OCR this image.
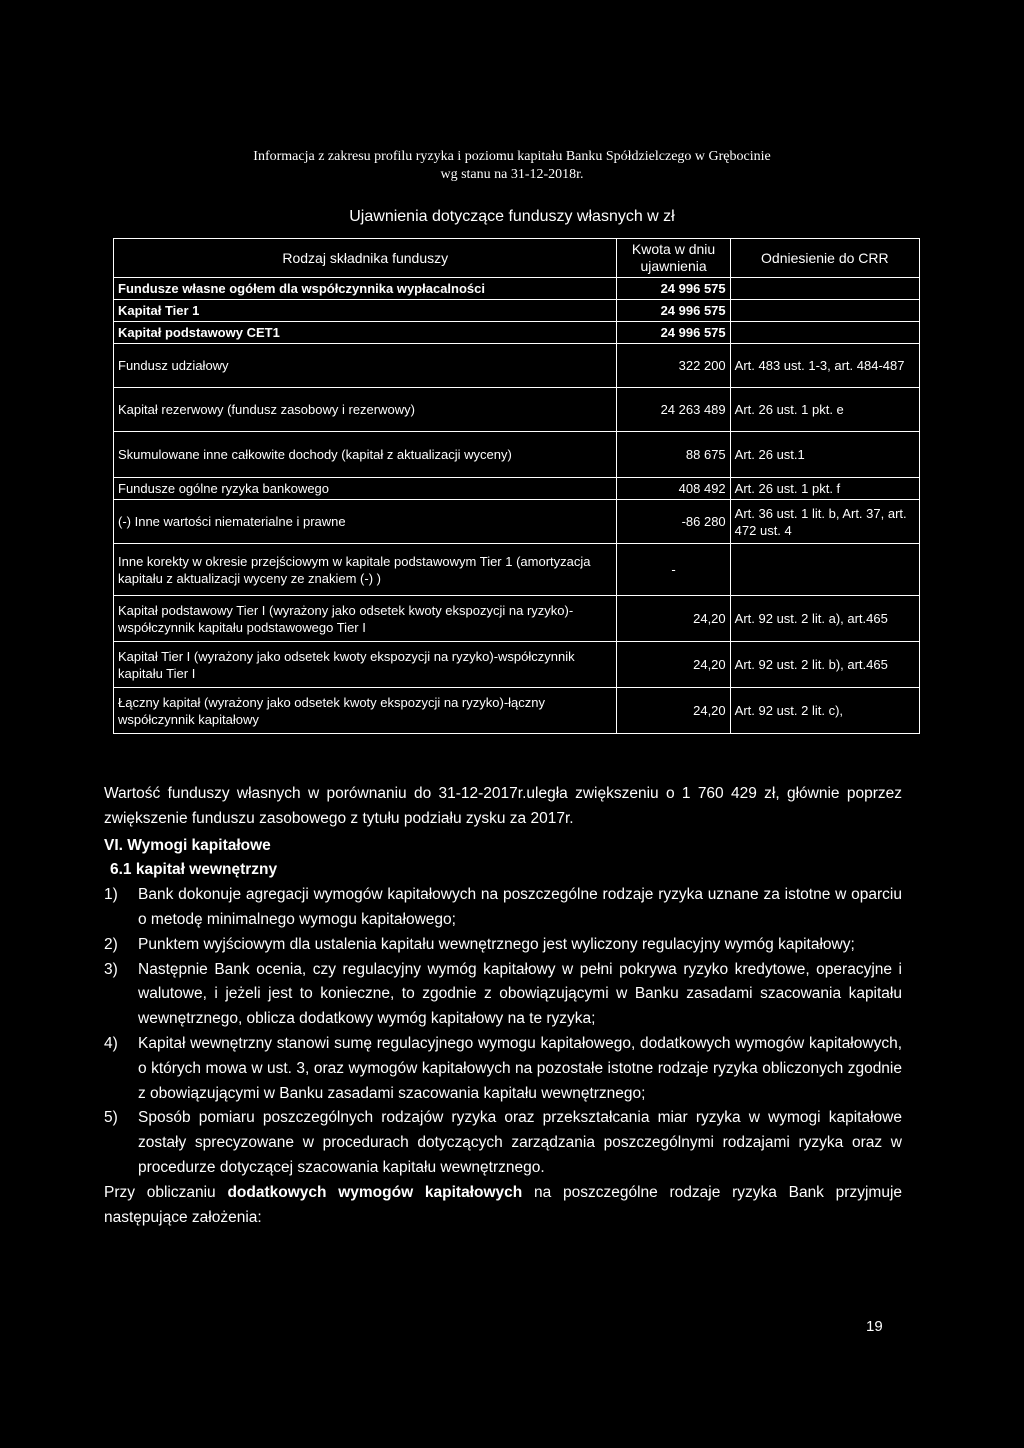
Informacja z zakresu profilu ryzyka i poziomu kapitału Banku Spółdzielczego w Grębocinie
wg stanu na 31-12-2018r.
Ujawnienia dotyczące funduszy własnych w zł
Rodzaj składnika funduszy	Kwota w dniu ujawnienia	Odniesienie do CRR
Fundusze własne ogółem dla współczynnika wypłacalności	24 996 575	
Kapitał Tier 1	24 996 575	
Kapitał podstawowy CET1	24 996 575	
Fundusz udziałowy	322 200	Art. 483 ust. 1-3, art. 484-487
Kapitał rezerwowy (fundusz zasobowy i rezerwowy)	24 263 489	Art. 26 ust. 1 pkt. e
Skumulowane inne całkowite dochody (kapitał z aktualizacji wyceny)	88 675	Art. 26 ust.1
Fundusze ogólne ryzyka bankowego	408 492	Art. 26 ust. 1 pkt. f
(-) Inne wartości niematerialne i prawne	-86 280	Art. 36 ust. 1 lit. b, Art. 37, art. 472 ust. 4
Inne korekty w okresie przejściowym w kapitale podstawowym Tier 1 (amortyzacja kapitału z aktualizacji wyceny ze znakiem (-) )	-	
Kapitał podstawowy Tier I (wyrażony jako odsetek kwoty ekspozycji na ryzyko)-współczynnik kapitału podstawowego Tier I	24,20	Art. 92 ust. 2 lit. a), art.465
Kapitał Tier I (wyrażony jako odsetek kwoty ekspozycji na ryzyko)-współczynnik kapitału Tier I	24,20	Art. 92 ust. 2 lit. b), art.465
Łączny kapitał (wyrażony jako odsetek kwoty ekspozycji na ryzyko)-łączny współczynnik kapitałowy	24,20	Art. 92 ust. 2 lit. c),

Wartość funduszy własnych w porównaniu do 31-12-2017r.uległa zwiększeniu o 1 760 429 zł, głównie poprzez zwiększenie funduszu zasobowego z tytułu podziału zysku za 2017r.

VI. Wymogi kapitałowe

6.1 kapitał wewnętrzny

1) Bank dokonuje agregacji wymogów kapitałowych na poszczególne rodzaje ryzyka uznane za istotne w oparciu o metodę minimalnego wymogu kapitałowego;
2) Punktem wyjściowym dla ustalenia kapitału wewnętrznego jest wyliczony regulacyjny wymóg kapitałowy;
3) Następnie Bank ocenia, czy regulacyjny wymóg kapitałowy w pełni pokrywa ryzyko kredytowe, operacyjne i walutowe, i jeżeli jest to konieczne, to zgodnie z obowiązującymi w Banku zasadami szacowania kapitału wewnętrznego, oblicza dodatkowy wymóg kapitałowy na te ryzyka;
4) Kapitał wewnętrzny stanowi sumę regulacyjnego wymogu kapitałowego, dodatkowych wymogów kapitałowych, o których mowa w ust. 3, oraz wymogów kapitałowych na pozostałe istotne rodzaje ryzyka obliczonych zgodnie z obowiązującymi w Banku zasadami szacowania kapitału wewnętrznego;
5) Sposób pomiaru poszczególnych rodzajów ryzyka oraz przekształcania miar ryzyka w wymogi kapitałowe zostały sprecyzowane w procedurach dotyczących zarządzania poszczególnymi rodzajami ryzyka oraz w procedurze dotyczącej szacowania kapitału wewnętrznego.

Przy obliczaniu dodatkowych wymogów kapitałowych na poszczególne rodzaje ryzyka Bank przyjmuje następujące założenia:

19
